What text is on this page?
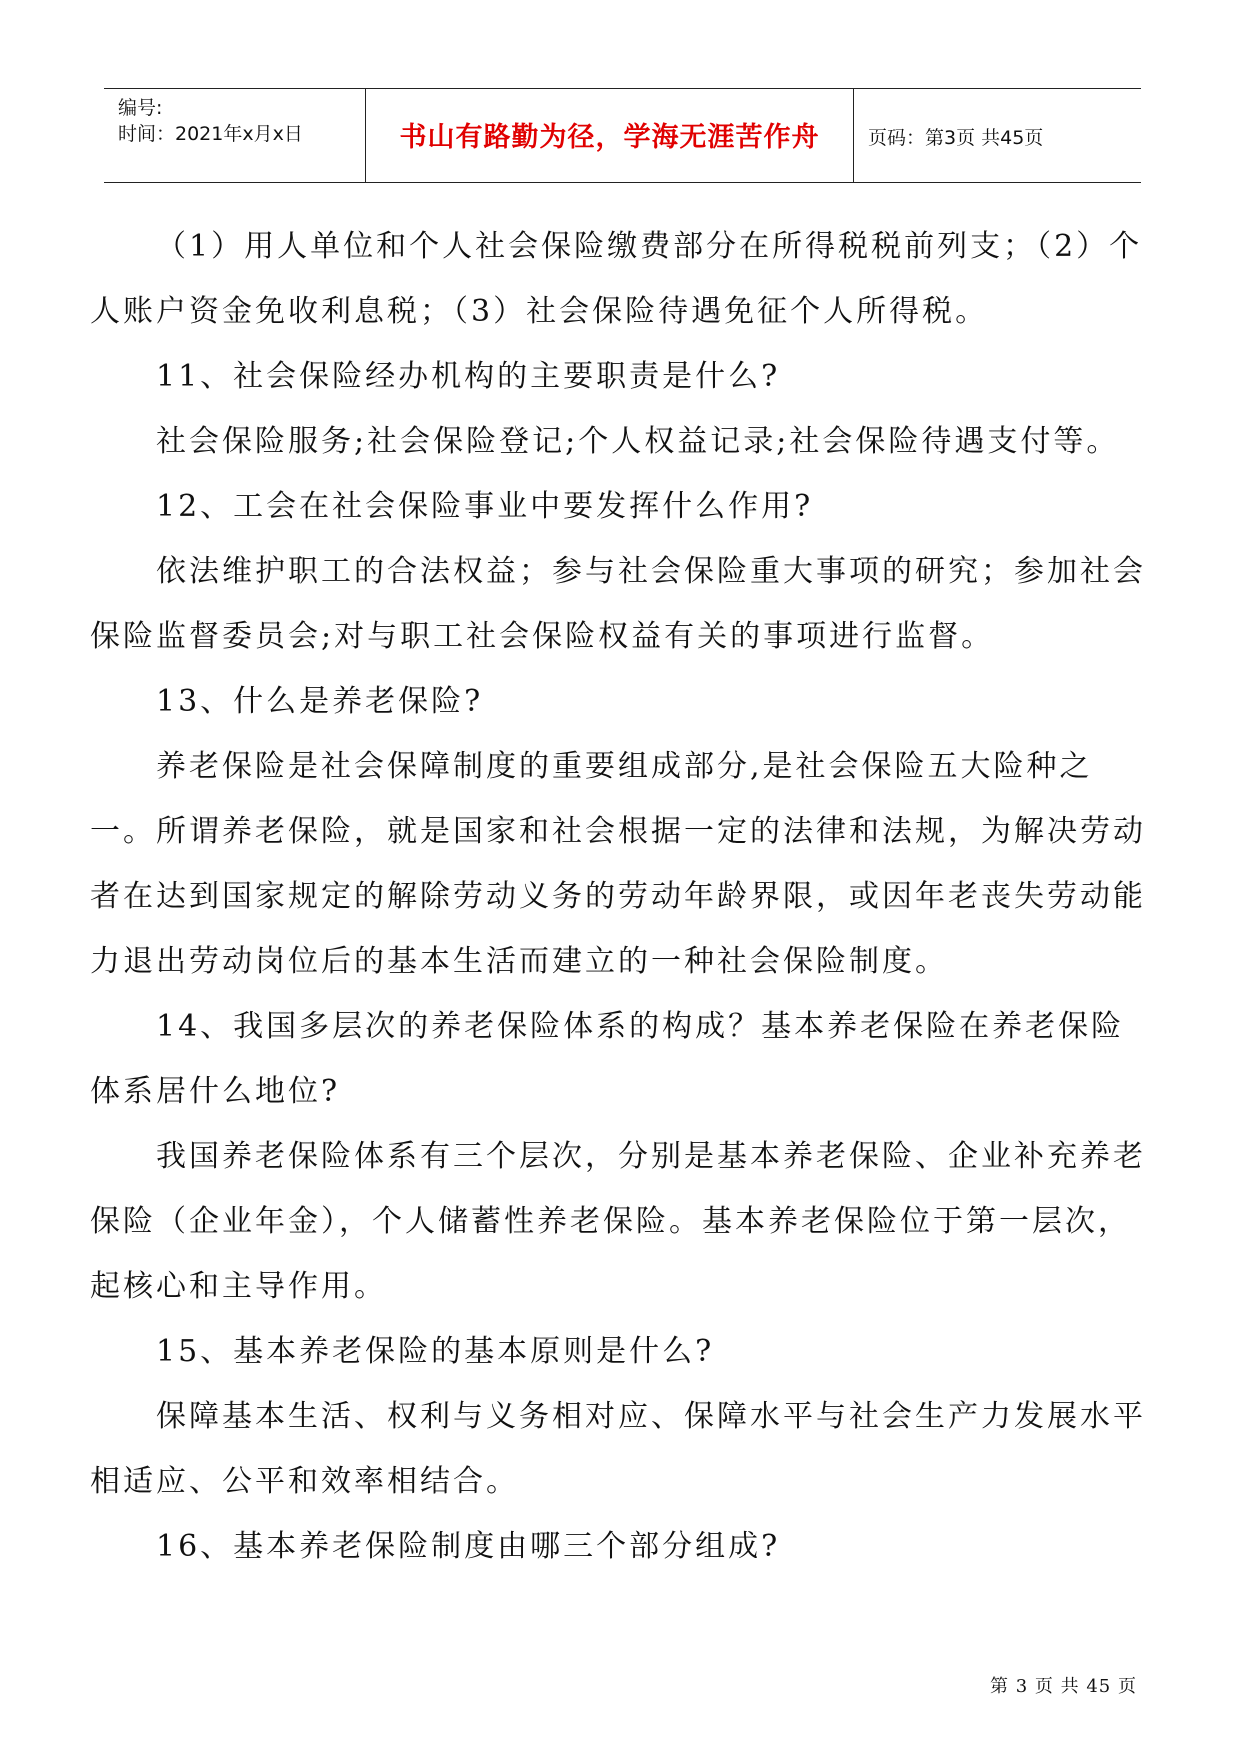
编号:
时间：2021年x月x日	书山有路勤为径，学海无涯苦作舟	页码：第3页 共45页

（1）用人单位和个人社会保险缴费部分在所得税税前列支；（2）个人账户资金免收利息税；（3）社会保险待遇免征个人所得税。

11、社会保险经办机构的主要职责是什么?

社会保险服务;社会保险登记;个人权益记录;社会保险待遇支付等。

12、工会在社会保险事业中要发挥什么作用?

依法维护职工的合法权益；参与社会保险重大事项的研究；参加社会保险监督委员会;对与职工社会保险权益有关的事项进行监督。

13、什么是养老保险?

养老保险是社会保障制度的重要组成部分,是社会保险五大险种之一。所谓养老保险，就是国家和社会根据一定的法律和法规，为解决劳动者在达到国家规定的解除劳动义务的劳动年龄界限，或因年老丧失劳动能力退出劳动岗位后的基本生活而建立的一种社会保险制度。

14、我国多层次的养老保险体系的构成？基本养老保险在养老保险体系居什么地位?

我国养老保险体系有三个层次，分别是基本养老保险、企业补充养老保险（企业年金），个人储蓄性养老保险。基本养老保险位于第一层次，起核心和主导作用。

15、基本养老保险的基本原则是什么?

保障基本生活、权利与义务相对应、保障水平与社会生产力发展水平相适应、公平和效率相结合。

16、基本养老保险制度由哪三个部分组成?

第 3 页 共 45 页
